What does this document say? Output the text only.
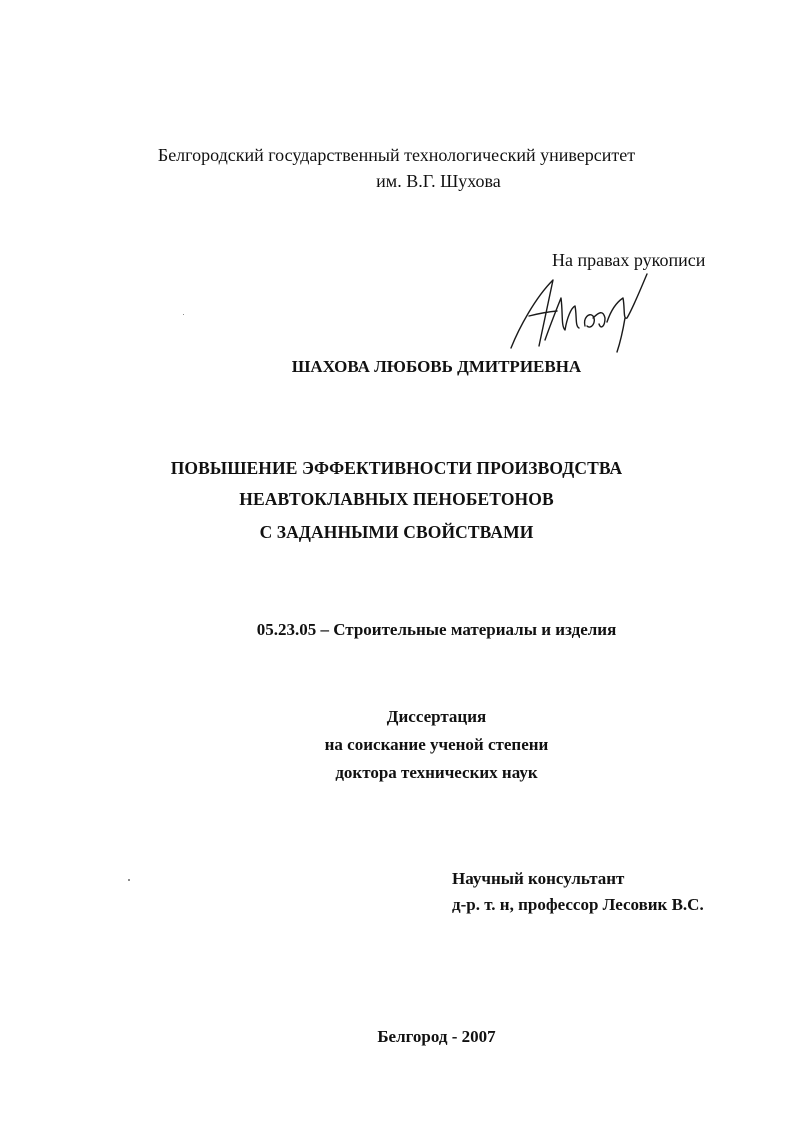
Белгородский государственный технологический университет

им. В.Г. Шухова

На правах рукописи

ШАХОВА ЛЮБОВЬ ДМИТРИЕВНА

ПОВЫШЕНИЕ ЭФФЕКТИВНОСТИ ПРОИЗВОДСТВА

НЕАВТОКЛАВНЫХ ПЕНОБЕТОНОВ

С ЗАДАННЫМИ СВОЙСТВАМИ

05.23.05 – Строительные материалы и изделия

Диссертация

на соискание ученой степени

доктора технических наук

Научный консультант

д-р. т. н, профессор Лесовик В.С.

Белгород - 2007
